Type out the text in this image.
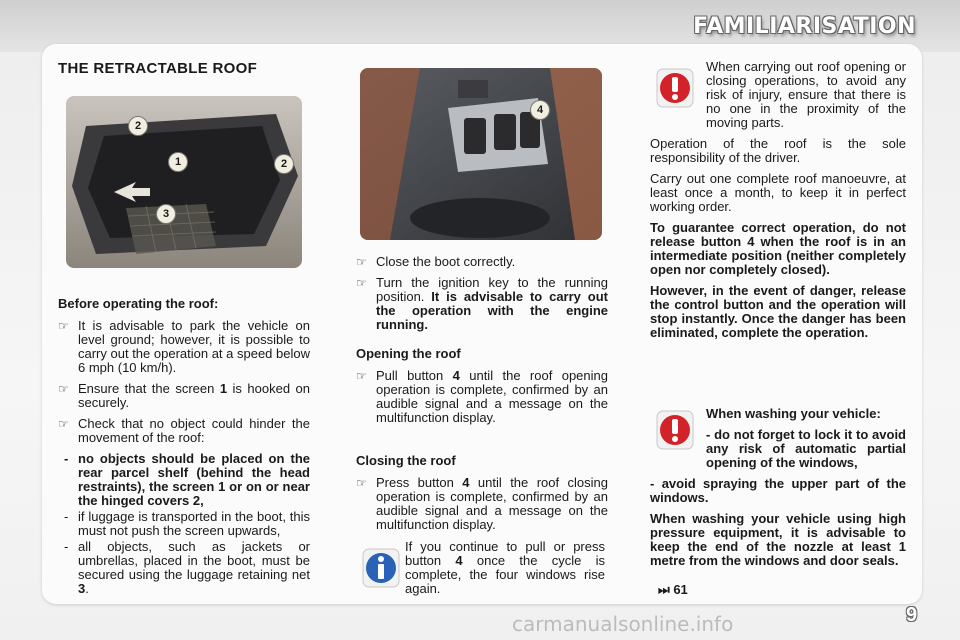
FAMILIARISATION
2
1	2
3
4
THE RETRACTABLE ROOF
Before operating the roof:
☞ It is advisable to park the vehicle on level ground; however, it is possible to carry out the operation at a speed below 6 mph (10 km/h).
☞ Ensure that the screen 1 is hooked on securely.
☞ Check that no object could hinder the movement of the roof:
- no objects should be placed on the rear parcel shelf (behind the head restraints), the screen 1 or on or near the hinged covers 2,
- if luggage is transported in the boot, this must not push the screen upwards,
- all objects, such as jackets or umbrellas, placed in the boot, must be secured using the luggage retaining net 3.
☞ Close the boot correctly.
☞ Turn the ignition key to the running position. It is advisable to carry out the operation with the engine running.
Opening the roof
☞ Pull button 4 until the roof opening operation is complete, confirmed by an audible signal and a message on the multifunction display.
Closing the roof
☞ Press button 4 until the roof closing operation is complete, confirmed by an audible signal and a message on the multifunction display.
If you continue to pull or press button 4 once the cycle is complete, the four windows rise again.

When carrying out roof opening or closing operations, to avoid any risk of injury, ensure that there is no one in the proximity of the moving parts.

Operation of the roof is the sole responsibility of the driver.

Carry out one complete roof manoeuvre, at least once a month, to keep it in perfect working order.

To guarantee correct operation, do not release button 4 when the roof is in an intermediate position (neither completely open nor completely closed).

However, in the event of danger, release the control button and the operation will stop instantly. Once the danger has been eliminated, complete the operation.

When washing your vehicle:

- do not forget to lock it to avoid any risk of automatic partial opening of the windows,

- avoid spraying the upper part of the windows.

When washing your vehicle using high pressure equipment, it is advisable to keep the end of the nozzle at least 1 metre from the windows and door seals.

⏭ 61
9
carmanualsonline.info
